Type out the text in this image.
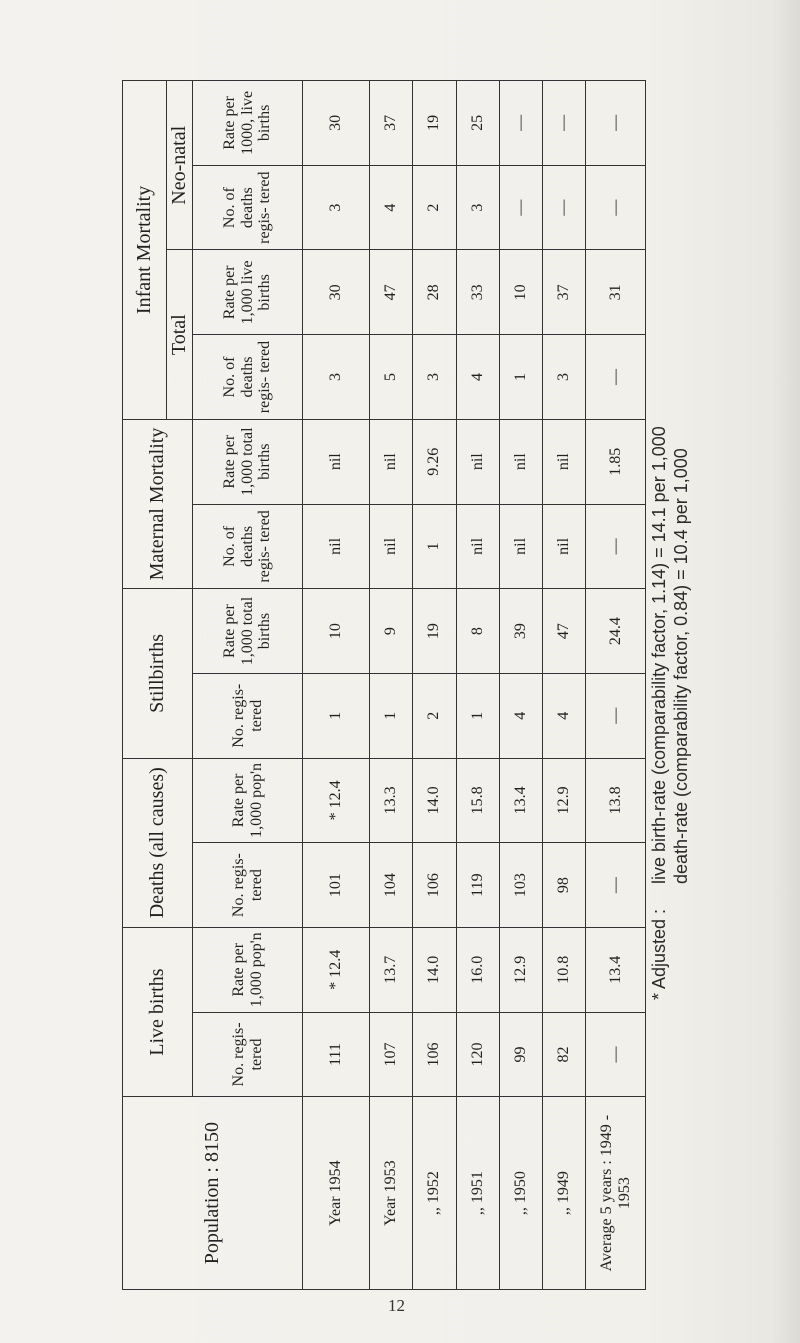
Population : 8150	Live births		Deaths (all causes)		Stillbirths		Maternal Mortality		Infant Mortality			
									Total		Neo-natal	
	No. regis- tered	Rate per 1,000 pop'n	No. regis- tered	Rate per 1,000 pop'n	No. regis- tered	Rate per 1,000 total births	No. of deaths regis- tered	Rate per 1,000 total births	No. of deaths regis- tered	Rate per 1,000 live births	No. of deaths regis- tered	Rate per 1000, live births
Year 1954	111	* 12.4	101	* 12.4	1	10	nil	nil	3	30	3	30
Year 1953	107	13.7	104	13.3	1	9	nil	nil	5	47	4	37
,, 1952	106	14.0	106	14.0	2	19	1	9.26	3	28	2	19
,, 1951	120	16.0	119	15.8	1	8	nil	nil	4	33	3	25
,, 1950	99	12.9	103	13.4	4	39	nil	nil	1	10	—	—
,, 1949	82	10.8	98	12.9	4	47	nil	nil	3	37	—	—
Average 5 years : 1949 - 1953	—	13.4	—	13.8	—	24.4	—	1.85	—	31	—	—
* Adjusted :
live birth-rate (comparability factor, 1.14) = 14.1 per 1,000 death-rate (comparability factor, 0.84) = 10.4 per 1,000
12
